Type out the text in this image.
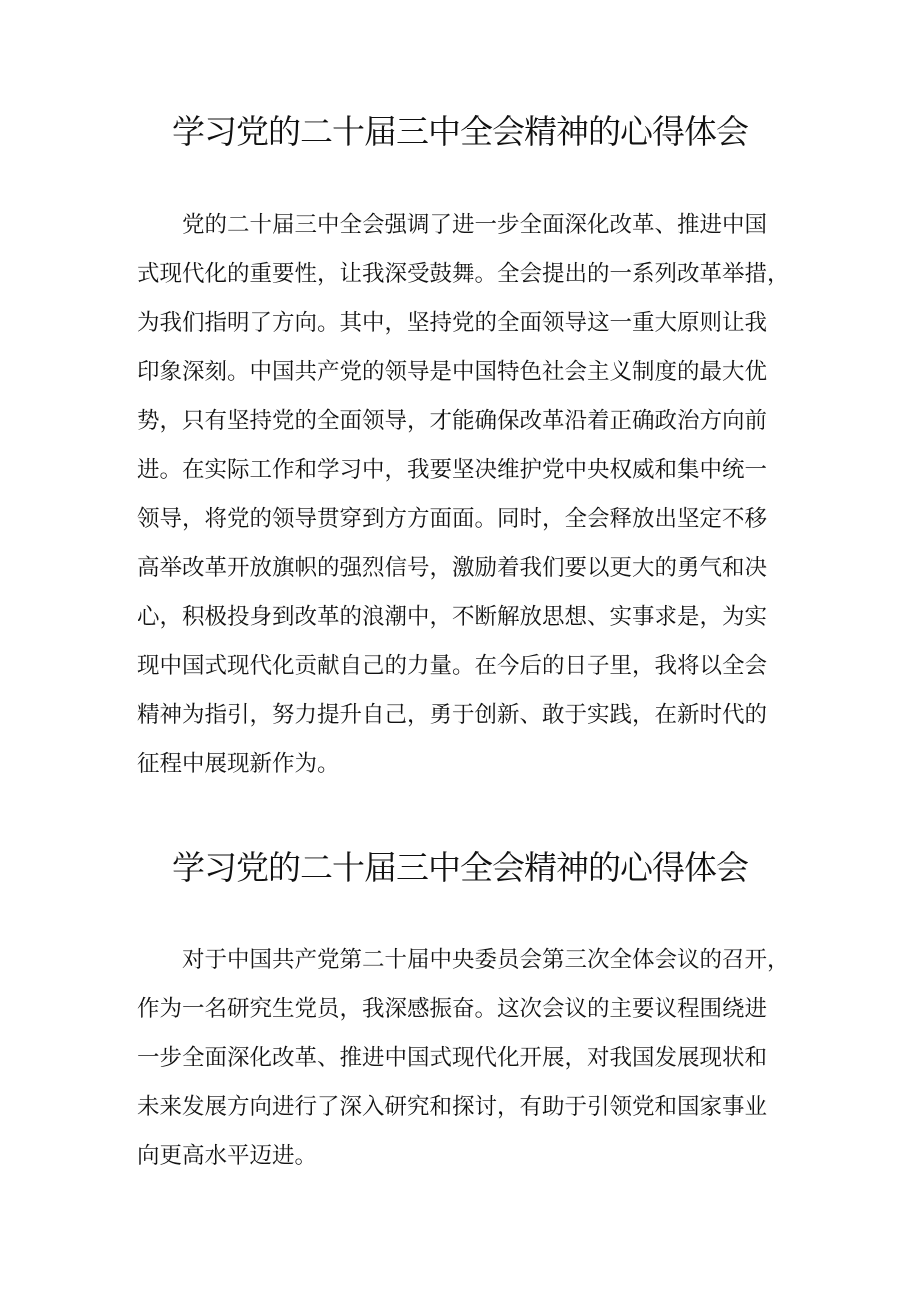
学习党的二十届三中全会精神的心得体会
党的二十届三中全会强调了进一步全面深化改革、推进中国
式现代化的重要性，让我深受鼓舞。全会提出的一系列改革举措，
为我们指明了方向。其中，坚持党的全面领导这一重大原则让我
印象深刻。中国共产党的领导是中国特色社会主义制度的最大优
势，只有坚持党的全面领导，才能确保改革沿着正确政治方向前
进。在实际工作和学习中，我要坚决维护党中央权威和集中统一
领导，将党的领导贯穿到方方面面。同时，全会释放出坚定不移
高举改革开放旗帜的强烈信号，激励着我们要以更大的勇气和决
心，积极投身到改革的浪潮中，不断解放思想、实事求是，为实
现中国式现代化贡献自己的力量。在今后的日子里，我将以全会
精神为指引，努力提升自己，勇于创新、敢于实践，在新时代的
征程中展现新作为。
学习党的二十届三中全会精神的心得体会
对于中国共产党第二十届中央委员会第三次全体会议的召开，
作为一名研究生党员，我深感振奋。这次会议的主要议程围绕进
一步全面深化改革、推进中国式现代化开展，对我国发展现状和
未来发展方向进行了深入研究和探讨，有助于引领党和国家事业
向更高水平迈进。
